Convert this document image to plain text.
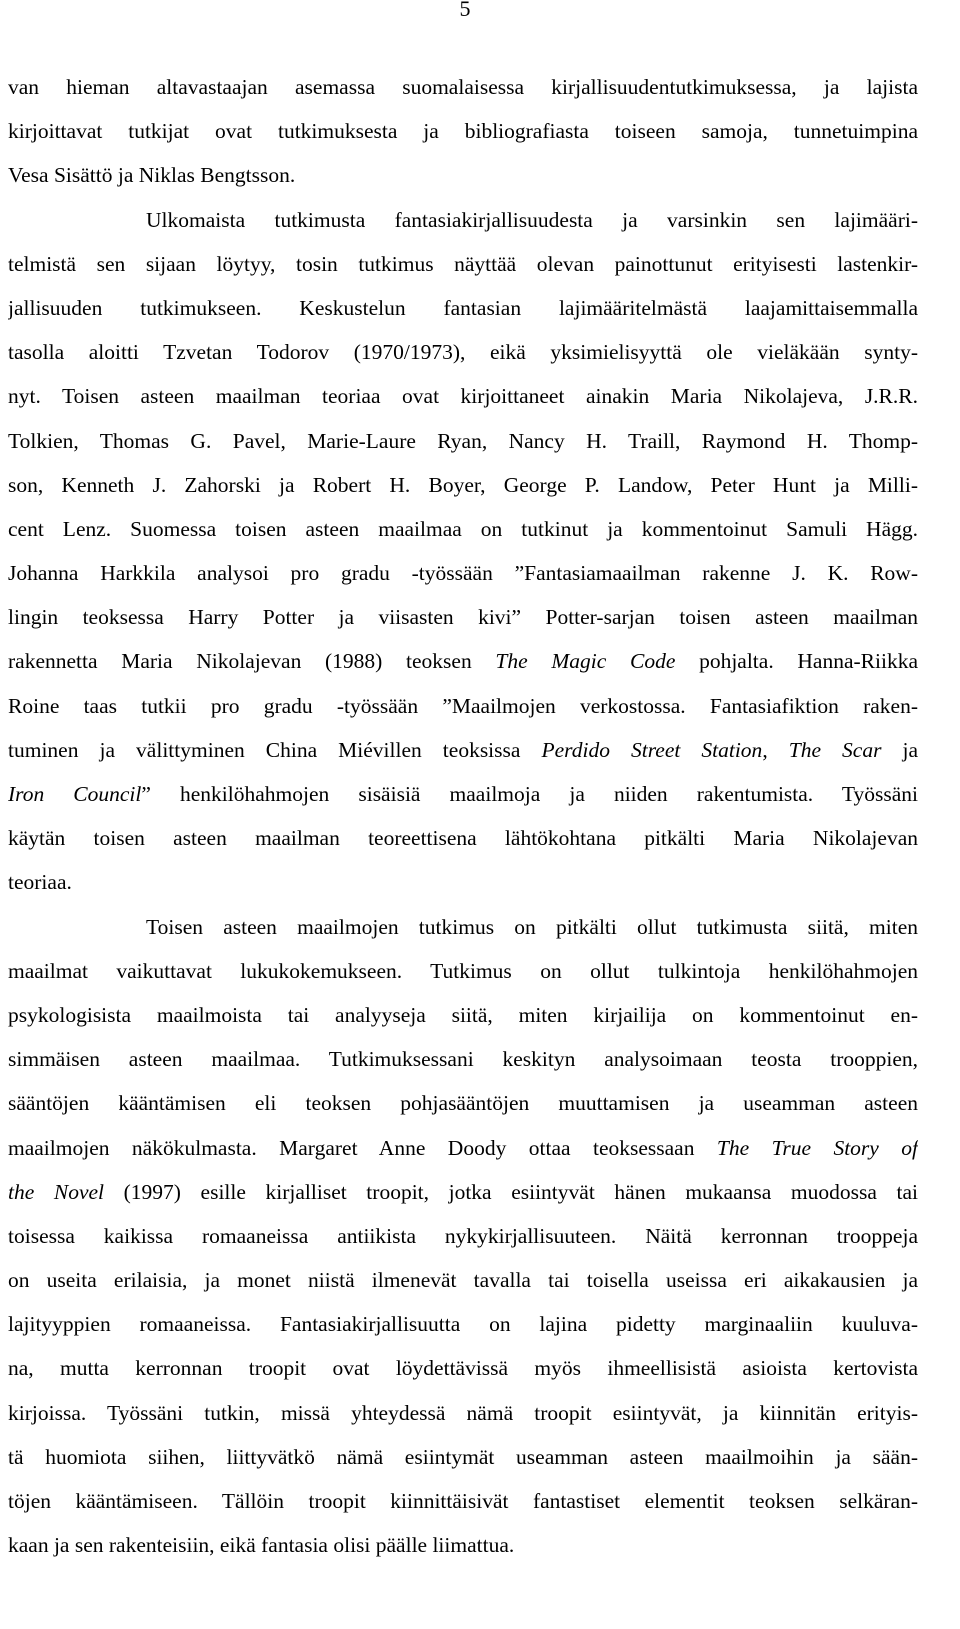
5
van hieman altavastaajan asemassa suomalaisessa kirjallisuudentutkimuksessa, ja lajista
kirjoittavat tutkijat ovat tutkimuksesta ja bibliografiasta toiseen samoja, tunnetuimpina
Vesa Sisättö ja Niklas Bengtsson.
Ulkomaista tutkimusta fantasiakirjallisuudesta ja varsinkin sen lajimääri-
telmistä sen sijaan löytyy, tosin tutkimus näyttää olevan painottunut erityisesti lastenkir-
jallisuuden tutkimukseen. Keskustelun fantasian lajimääritelmästä laajamittaisemmalla
tasolla aloitti Tzvetan Todorov (1970/1973), eikä yksimielisyyttä ole vieläkään synty-
nyt. Toisen asteen maailman teoriaa ovat kirjoittaneet ainakin Maria Nikolajeva, J.R.R.
Tolkien, Thomas G. Pavel, Marie-Laure Ryan, Nancy H. Traill, Raymond H. Thomp-
son, Kenneth J. Zahorski ja Robert H. Boyer, George P. Landow, Peter Hunt ja Milli-
cent Lenz. Suomessa toisen asteen maailmaa on tutkinut ja kommentoinut Samuli Hägg.
Johanna Harkkila analysoi pro gradu -työssään ”Fantasiamaailman rakenne J. K. Row-
lingin teoksessa Harry Potter ja viisasten kivi” Potter-sarjan toisen asteen maailman
rakennetta Maria Nikolajevan (1988) teoksen The Magic Code pohjalta. Hanna-Riikka
Roine taas tutkii pro gradu -työssään ”Maailmojen verkostossa. Fantasiafiktion raken-
tuminen ja välittyminen China Miévillen teoksissa Perdido Street Station, The Scar ja
Iron Council” henkilöhahmojen sisäisiä maailmoja ja niiden rakentumista. Työssäni
käytän toisen asteen maailman teoreettisena lähtökohtana pitkälti Maria Nikolajevan
teoriaa.
Toisen asteen maailmojen tutkimus on pitkälti ollut tutkimusta siitä, miten
maailmat vaikuttavat lukukokemukseen. Tutkimus on ollut tulkintoja henkilöhahmojen
psykologisista maailmoista tai analyyseja siitä, miten kirjailija on kommentoinut en-
simmäisen asteen maailmaa. Tutkimuksessani keskityn analysoimaan teosta trooppien,
sääntöjen kääntämisen eli teoksen pohjasääntöjen muuttamisen ja useamman asteen
maailmojen näkökulmasta. Margaret Anne Doody ottaa teoksessaan The True Story of
the Novel (1997) esille kirjalliset troopit, jotka esiintyvät hänen mukaansa muodossa tai
toisessa kaikissa romaaneissa antiikista nykykirjallisuuteen. Näitä kerronnan trooppeja
on useita erilaisia, ja monet niistä ilmenevät tavalla tai toisella useissa eri aikakausien ja
lajityyppien romaaneissa. Fantasiakirjallisuutta on lajina pidetty marginaaliin kuuluva-
na, mutta kerronnan troopit ovat löydettävissä myös ihmeellisistä asioista kertovista
kirjoissa. Työssäni tutkin, missä yhteydessä nämä troopit esiintyvät, ja kiinnitän erityis-
tä huomiota siihen, liittyvätkö nämä esiintymät useamman asteen maailmoihin ja sään-
töjen kääntämiseen. Tällöin troopit kiinnittäisivät fantastiset elementit teoksen selkäran-
kaan ja sen rakenteisiin, eikä fantasia olisi päälle liimattua.
